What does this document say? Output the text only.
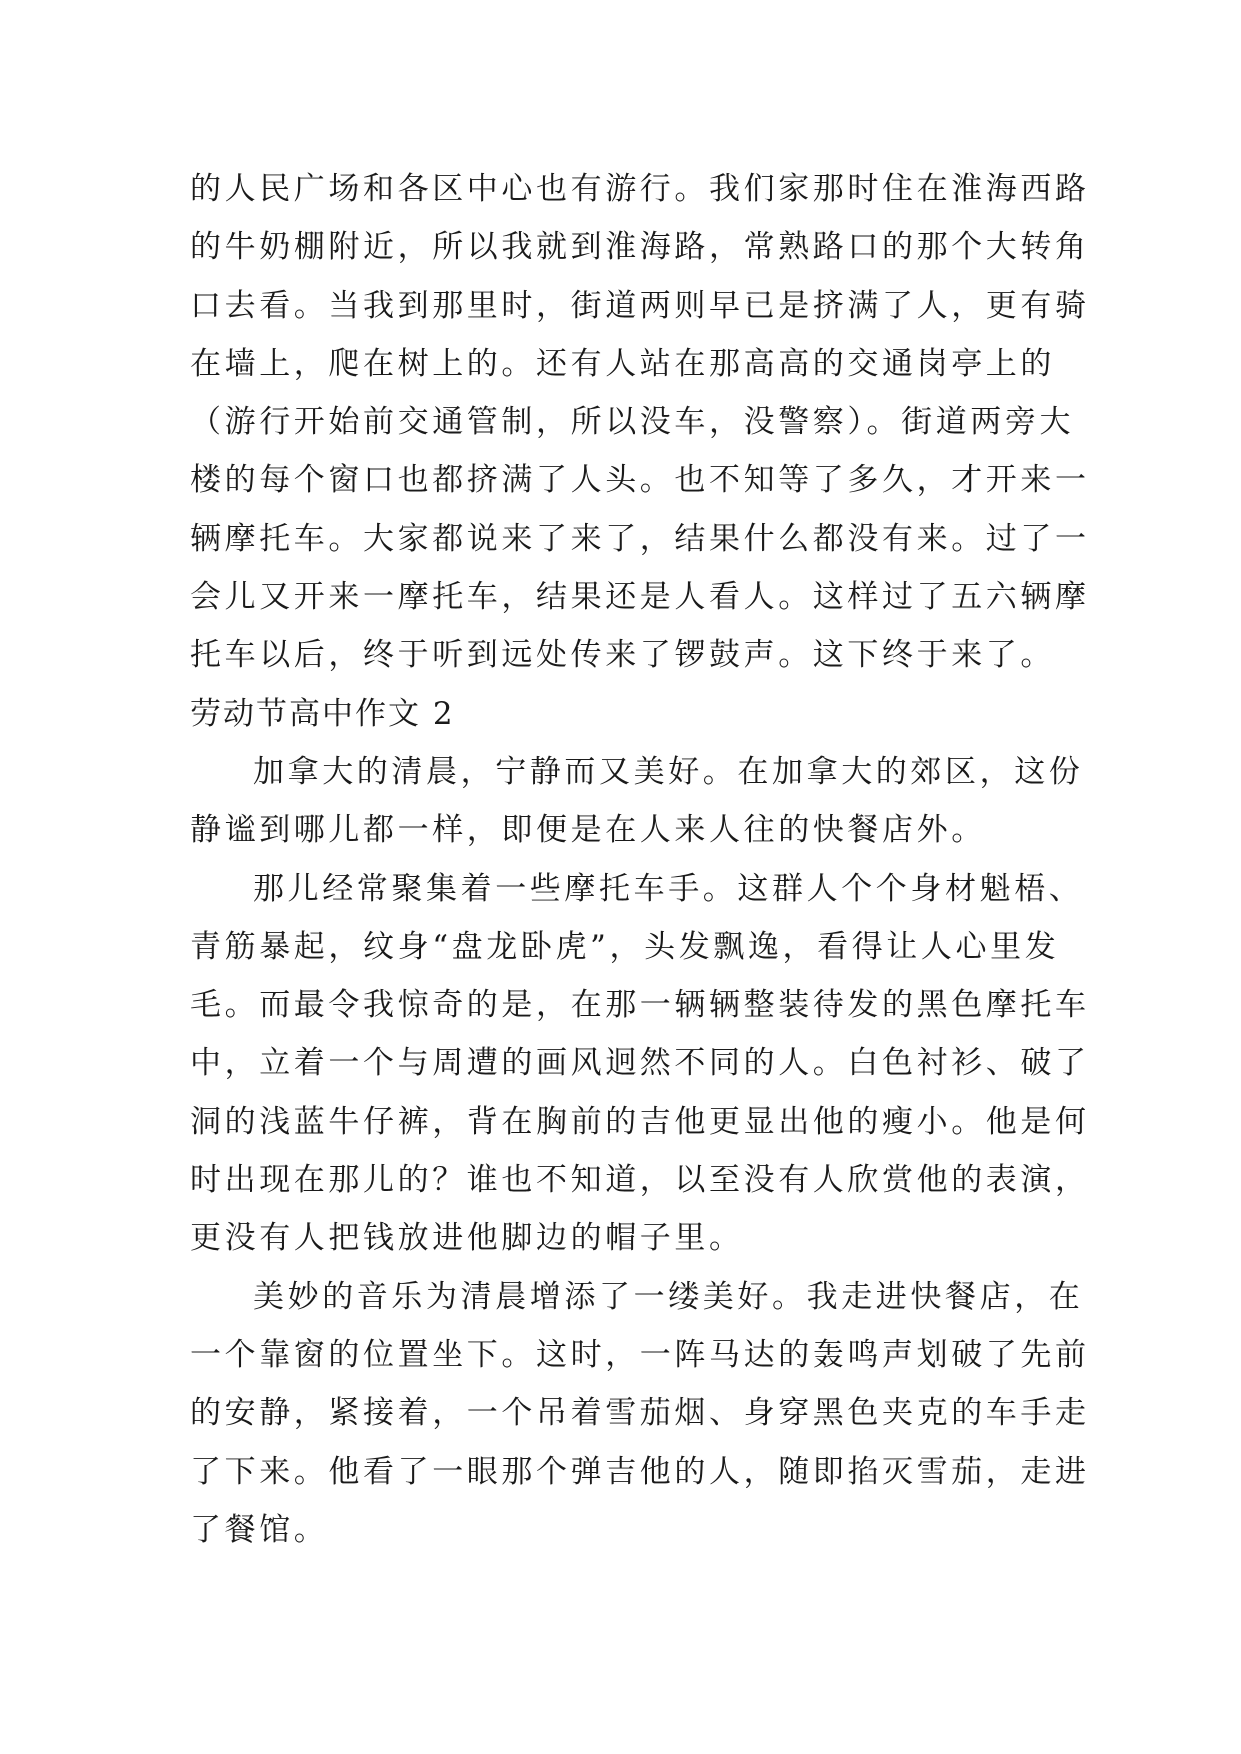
的人民广场和各区中心也有游行。我们家那时住在淮海西路
的牛奶棚附近，所以我就到淮海路，常熟路口的那个大转角
口去看。当我到那里时，街道两则早已是挤满了人，更有骑
在墙上，爬在树上的。还有人站在那高高的交通岗亭上的
（游行开始前交通管制，所以没车，没警察）。街道两旁大
楼的每个窗口也都挤满了人头。也不知等了多久，才开来一
辆摩托车。大家都说来了来了，结果什么都没有来。过了一
会儿又开来一摩托车，结果还是人看人。这样过了五六辆摩
托车以后，终于听到远处传来了锣鼓声。这下终于来了。
劳动节高中作文 2
加拿大的清晨，宁静而又美好。在加拿大的郊区，这份
静谧到哪儿都一样，即便是在人来人往的快餐店外。
那儿经常聚集着一些摩托车手。这群人个个身材魁梧、
青筋暴起，纹身“盘龙卧虎”，头发飘逸，看得让人心里发
毛。而最令我惊奇的是，在那一辆辆整装待发的黑色摩托车
中，立着一个与周遭的画风迥然不同的人。白色衬衫、破了
洞的浅蓝牛仔裤，背在胸前的吉他更显出他的瘦小。他是何
时出现在那儿的？谁也不知道，以至没有人欣赏他的表演，
更没有人把钱放进他脚边的帽子里。
美妙的音乐为清晨增添了一缕美好。我走进快餐店，在
一个靠窗的位置坐下。这时，一阵马达的轰鸣声划破了先前
的安静，紧接着，一个吊着雪茄烟、身穿黑色夹克的车手走
了下来。他看了一眼那个弹吉他的人，随即掐灭雪茄，走进
了餐馆。
